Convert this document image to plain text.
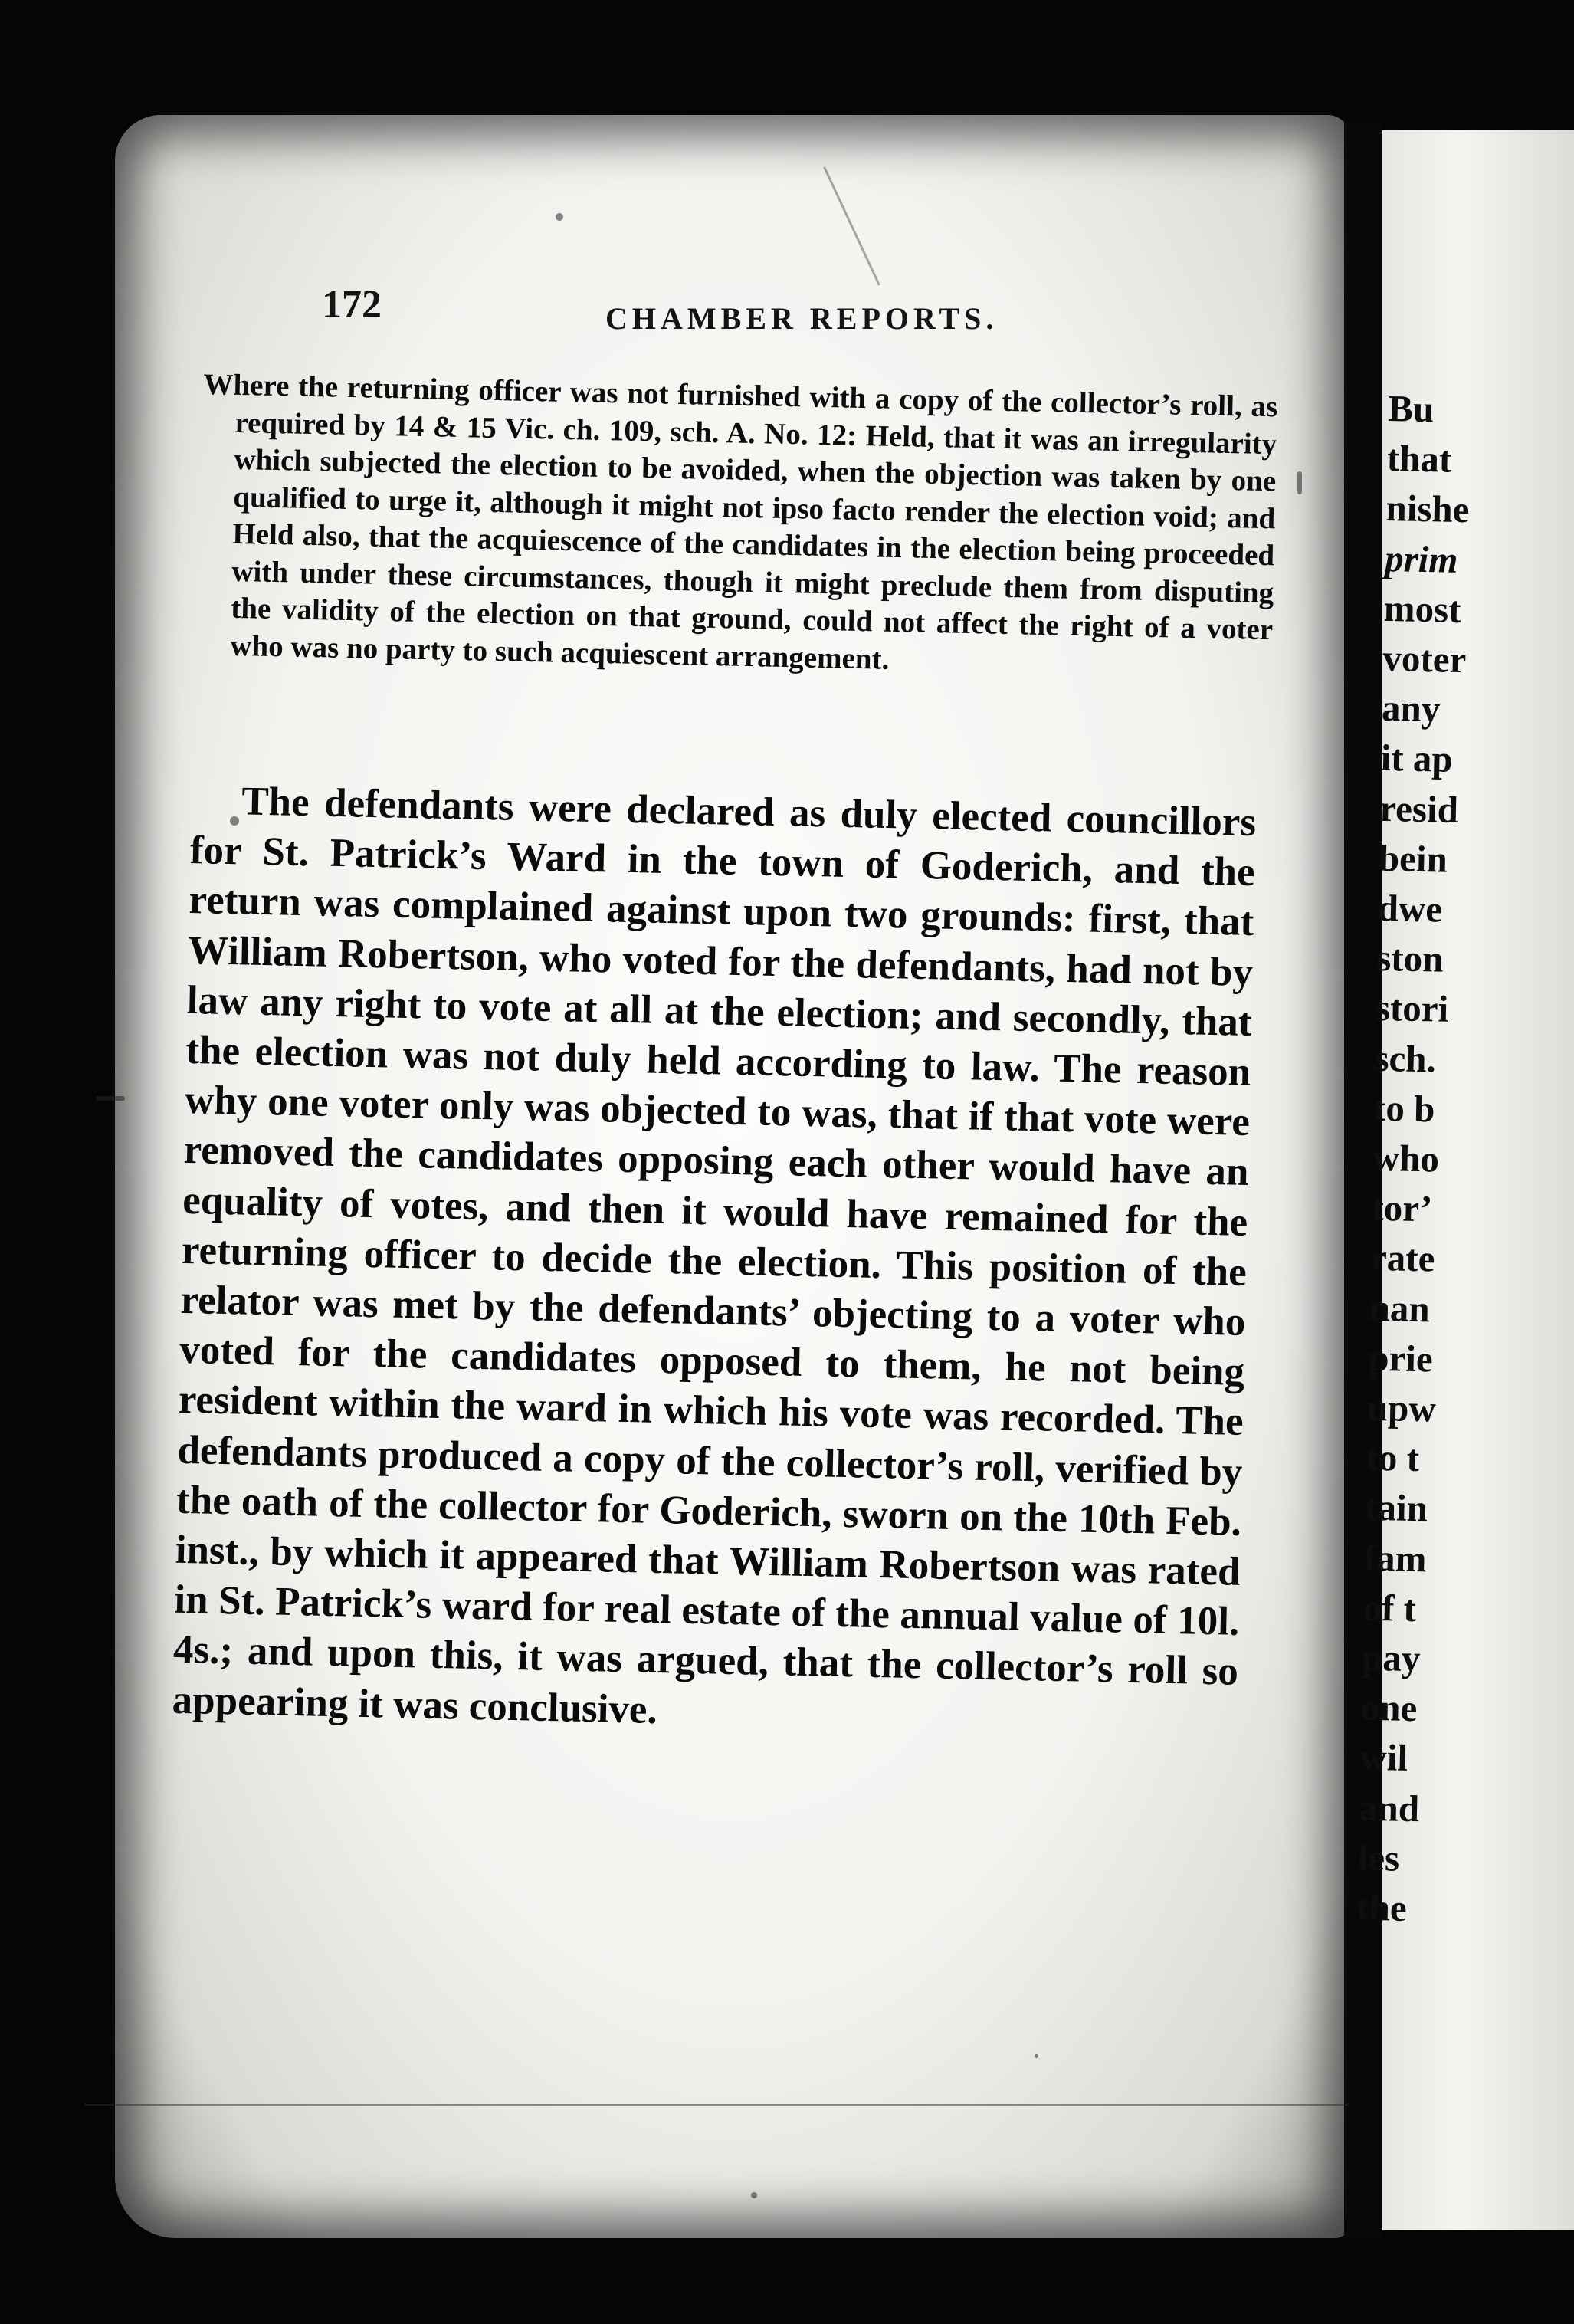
172	CHAMBER REPORTS.
Where the returning officer was not furnished with a copy of the collector’s roll, as required by 14 & 15 Vic. ch. 109, sch. A. No. 12: Held, that it was an irregularity which subjected the election to be avoided, when the objection was taken by one qualified to urge it, although it might not ipso facto render the election void; and Held also, that the acquiescence of the candidates in the election being proceeded with under these circumstances, though it might preclude them from disputing the validity of the election on that ground, could not affect the right of a voter who was no party to such acquiescent arrangement.
The defendants were declared as duly elected councillors for St. Patrick’s Ward in the town of Goderich, and the return was complained against upon two grounds: first, that William Robertson, who voted for the defendants, had not by law any right to vote at all at the election; and secondly, that the election was not duly held according to law. The reason why one voter only was objected to was, that if that vote were removed the candidates opposing each other would have an equality of votes, and then it would have remained for the returning officer to decide the election. This position of the relator was met by the defendants’ objecting to a voter who voted for the candidates opposed to them, he not being resident within the ward in which his vote was recorded. The defendants produced a copy of the collector’s roll, verified by the oath of the collector for Goderich, sworn on the 10th Feb. inst., by which it appeared that William Robertson was rated in St. Patrick’s ward for real estate of the annual value of 10l. 4s.; and upon this, it was argued, that the collector’s roll so appearing it was conclusive.
Bu
that
nishe
prim
most
voter
any
it ap
resid
bein
dwe
ston
stori
sch.
to b
who
tor’
rate
nan
prie
upw
to t
tain
fam
of t
pay
one
wil
and
les
the
